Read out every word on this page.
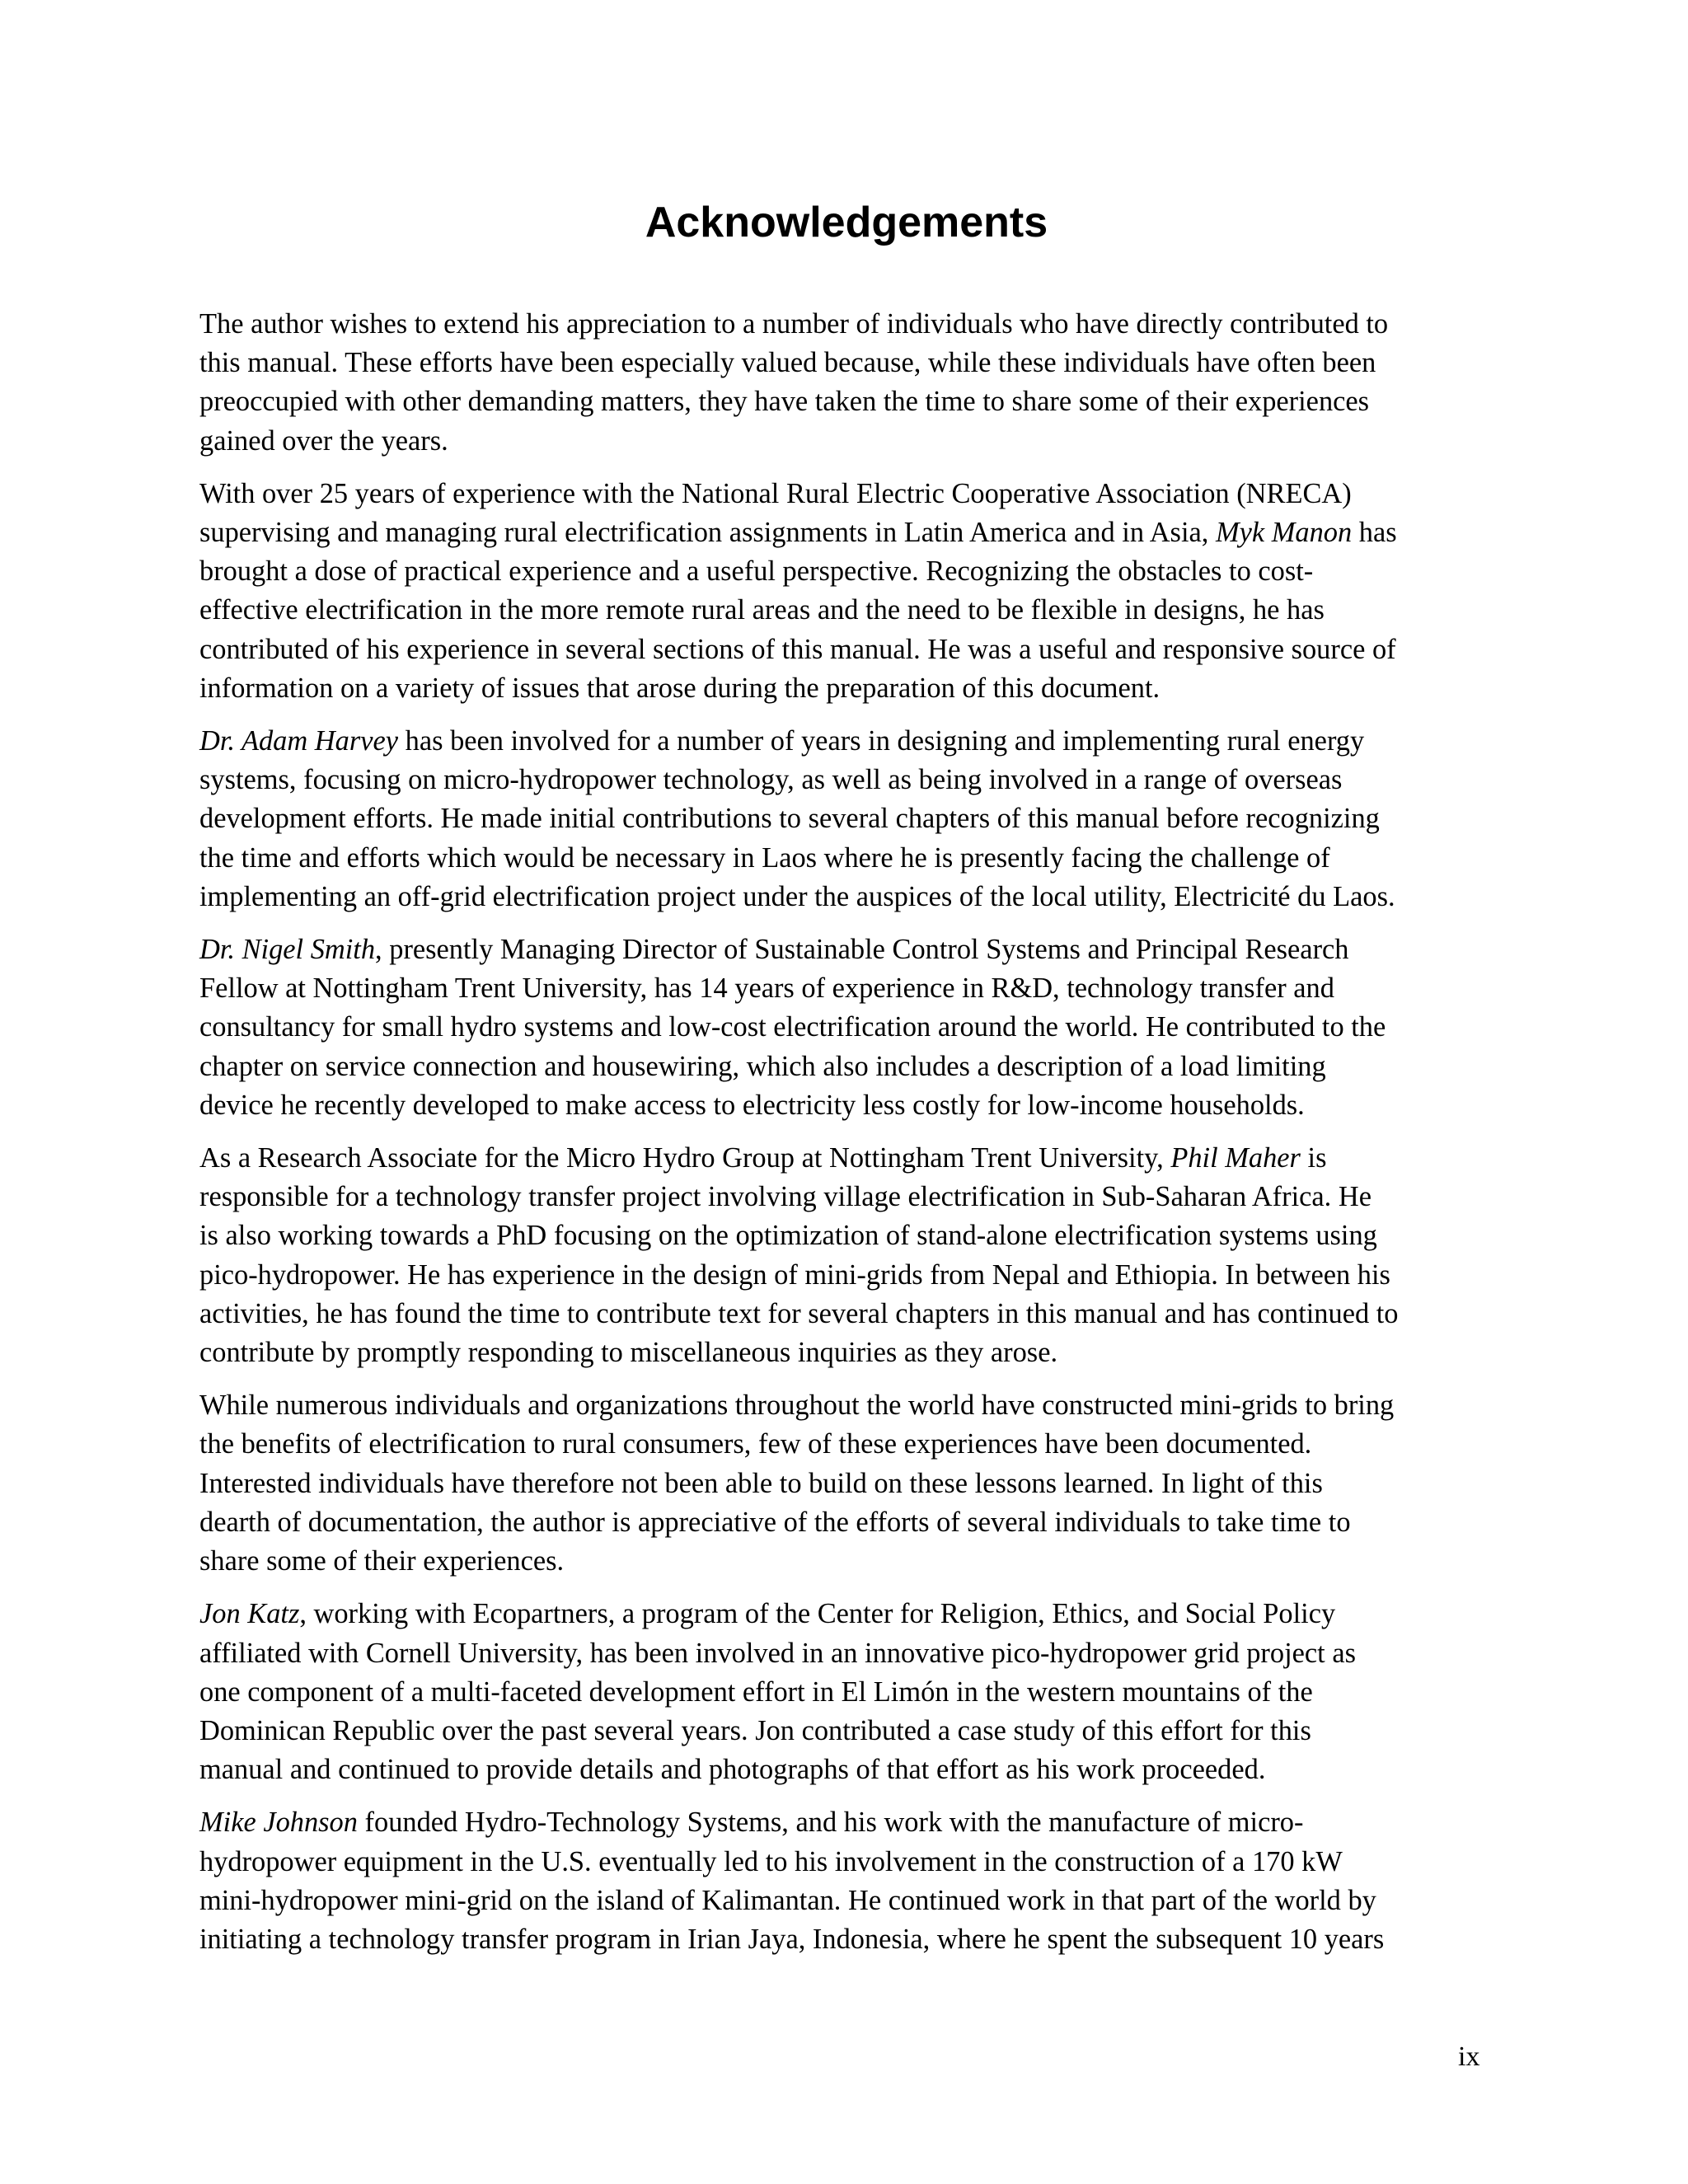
Acknowledgements

The author wishes to extend his appreciation to a number of individuals who have directly contributed to
this manual. These efforts have been especially valued because, while these individuals have often been
preoccupied with other demanding matters, they have taken the time to share some of their experiences
gained over the years.

With over 25 years of experience with the National Rural Electric Cooperative Association (NRECA)
supervising and managing rural electrification assignments in Latin America and in Asia, Myk Manon has
brought a dose of practical experience and a useful perspective. Recognizing the obstacles to cost-
effective electrification in the more remote rural areas and the need to be flexible in designs, he has
contributed of his experience in several sections of this manual. He was a useful and responsive source of
information on a variety of issues that arose during the preparation of this document.

Dr. Adam Harvey has been involved for a number of years in designing and implementing rural energy
systems, focusing on micro-hydropower technology, as well as being involved in a range of overseas
development efforts. He made initial contributions to several chapters of this manual before recognizing
the time and efforts which would be necessary in Laos where he is presently facing the challenge of
implementing an off-grid electrification project under the auspices of the local utility, Electricité du Laos.

Dr. Nigel Smith, presently Managing Director of Sustainable Control Systems and Principal Research
Fellow at Nottingham Trent University, has 14 years of experience in R&D, technology transfer and
consultancy for small hydro systems and low-cost electrification around the world. He contributed to the
chapter on service connection and housewiring, which also includes a description of a load limiting
device he recently developed to make access to electricity less costly for low-income households.

As a Research Associate for the Micro Hydro Group at Nottingham Trent University, Phil Maher is
responsible for a technology transfer project involving village electrification in Sub-Saharan Africa. He
is also working towards a PhD focusing on the optimization of stand-alone electrification systems using
pico-hydropower. He has experience in the design of mini-grids from Nepal and Ethiopia. In between his
activities, he has found the time to contribute text for several chapters in this manual and has continued to
contribute by promptly responding to miscellaneous inquiries as they arose.

While numerous individuals and organizations throughout the world have constructed mini-grids to bring
the benefits of electrification to rural consumers, few of these experiences have been documented.
Interested individuals have therefore not been able to build on these lessons learned. In light of this
dearth of documentation, the author is appreciative of the efforts of several individuals to take time to
share some of their experiences.

Jon Katz, working with Ecopartners, a program of the Center for Religion, Ethics, and Social Policy
affiliated with Cornell University, has been involved in an innovative pico-hydropower grid project as
one component of a multi-faceted development effort in El Limón in the western mountains of the
Dominican Republic over the past several years. Jon contributed a case study of this effort for this
manual and continued to provide details and photographs of that effort as his work proceeded.

Mike Johnson founded Hydro-Technology Systems, and his work with the manufacture of micro-
hydropower equipment in the U.S. eventually led to his involvement in the construction of a 170 kW
mini-hydropower mini-grid on the island of Kalimantan. He continued work in that part of the world by
initiating a technology transfer program in Irian Jaya, Indonesia, where he spent the subsequent 10 years

ix
